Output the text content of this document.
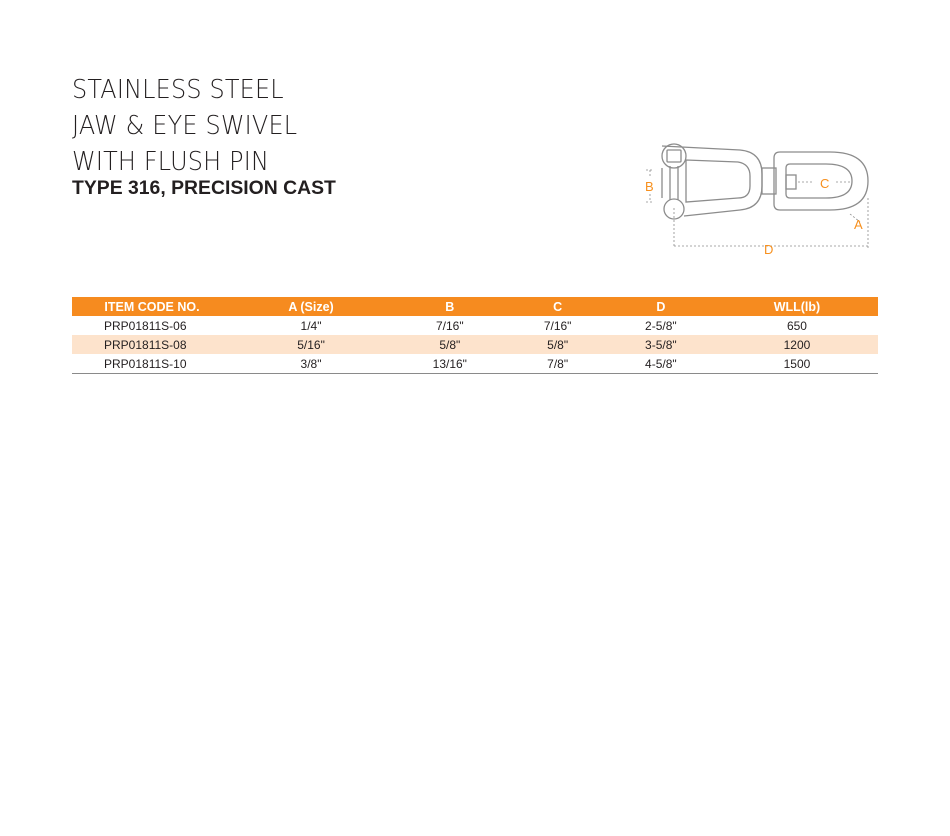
STAINLESS STEEL
JAW & EYE SWIVEL
WITH FLUSH PIN
TYPE 316, PRECISION CAST	B	C
A
D
ITEM CODE NO.	A (Size)	B	C	D	WLL(lb)
PRP01811S-06	1/4"	7/16"	7/16"	2-5/8"	650
PRP01811S-08	5/16"	5/8"	5/8"	3-5/8"	1200
PRP01811S-10	3/8"	13/16"	7/8"	4-5/8"	1500
